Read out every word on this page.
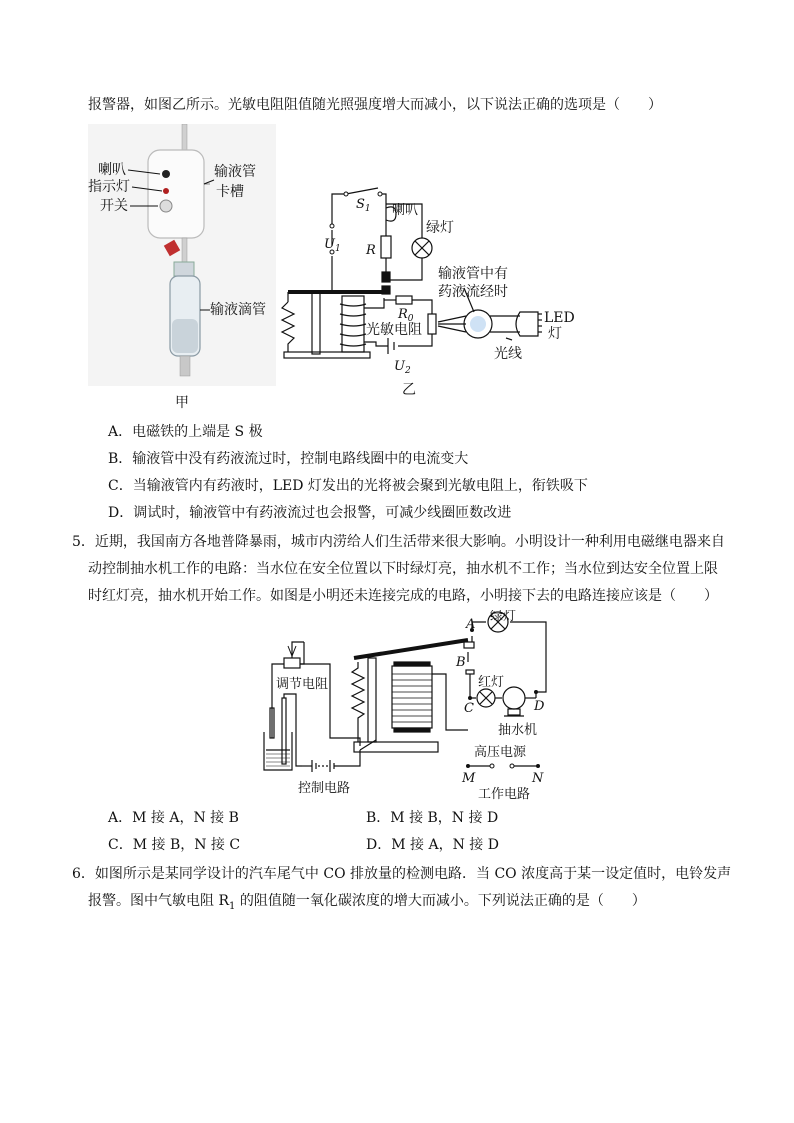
报警器，如图乙所示。光敏电阻阻值随光照强度增大而减小，以下说法正确的选项是（　　）
喇叭
指示灯
开关
输液管
卡槽
输液滴管
甲
$S_1$ 喇叭
绿灯
$U_1$ R
输液管中有
药液流经时
$R_0$
光敏电阻
LED
灯
光线
$U_2$
乙
A．电磁铁的上端是 S 极
B．输液管中没有药液流过时，控制电路线圈中的电流变大
C．当输液管内有药液时，LED 灯发出的光将被会聚到光敏电阻上，衔铁吸下
D．调试时，输液管中有药液流过也会报警，可减少线圈匝数改进
5．近期，我国南方各地普降暴雨，城市内涝给人们生活带来很大影响。小明设计一种利用电磁继电器来自
动控制抽水机工作的电路：当水位在安全位置以下时绿灯亮，抽水机不工作；当水位到达安全位置上限
时红灯亮，抽水机开始工作。如图是小明还未连接完成的电路，小明接下去的电路连接应该是（　　）
调节电阻
控制电路
A
B
C	D
M	N
绿灯
红灯
抽水机
高压电源
工作电路
A．M 接 A，N 接 B	B．M 接 B，N 接 D
C．M 接 B，N 接 C	D．M 接 A，N 接 D
6．如图所示是某同学设计的汽车尾气中 CO 排放量的检测电路．当 CO 浓度高于某一设定值时，电铃发声
报警。图中气敏电阻 $R_1$ 的阻值随一氧化碳浓度的增大而减小。下列说法正确的是（　　）
